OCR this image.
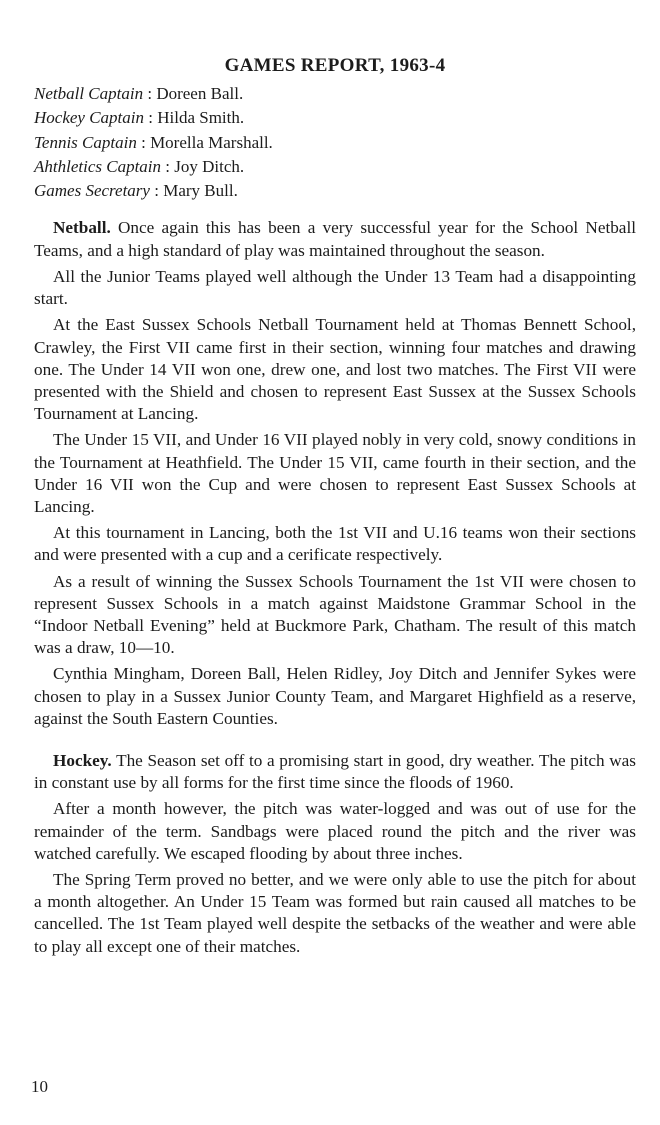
GAMES REPORT, 1963-4

Netball Captain : Doreen Ball.

Hockey Captain : Hilda Smith.

Tennis Captain : Morella Marshall.

Ahthletics Captain : Joy Ditch.

Games Secretary : Mary Bull.

Netball. Once again this has been a very successful year for the School Netball Teams, and a high standard of play was maintained throughout the season.

All the Junior Teams played well although the Under 13 Team had a disappointing start.

At the East Sussex Schools Netball Tournament held at Thomas Bennett School, Crawley, the First VII came first in their section, winning four matches and drawing one. The Under 14 VII won one, drew one, and lost two matches. The First VII were presented with the Shield and chosen to represent East Sussex at the Sussex Schools Tournament at Lancing.

The Under 15 VII, and Under 16 VII played nobly in very cold, snowy conditions in the Tournament at Heathfield. The Under 15 VII, came fourth in their section, and the Under 16 VII won the Cup and were chosen to represent East Sussex Schools at Lancing.

At this tournament in Lancing, both the 1st VII and U.16 teams won their sections and were presented with a cup and a cerificate respectively.

As a result of winning the Sussex Schools Tournament the 1st VII were chosen to represent Sussex Schools in a match against Maidstone Grammar School in the “Indoor Netball Evening” held at Buckmore Park, Chatham. The result of this match was a draw, 10—10.

Cynthia Mingham, Doreen Ball, Helen Ridley, Joy Ditch and Jennifer Sykes were chosen to play in a Sussex Junior County Team, and Margaret Highfield as a reserve, against the South Eastern Counties.

Hockey. The Season set off to a promising start in good, dry weather. The pitch was in constant use by all forms for the first time since the floods of 1960.

After a month however, the pitch was water-logged and was out of use for the remainder of the term. Sandbags were placed round the pitch and the river was watched carefully. We escaped flooding by about three inches.

The Spring Term proved no better, and we were only able to use the pitch for about a month altogether. An Under 15 Team was formed but rain caused all matches to be cancelled. The 1st Team played well despite the setbacks of the weather and were able to play all except one of their matches.

10
